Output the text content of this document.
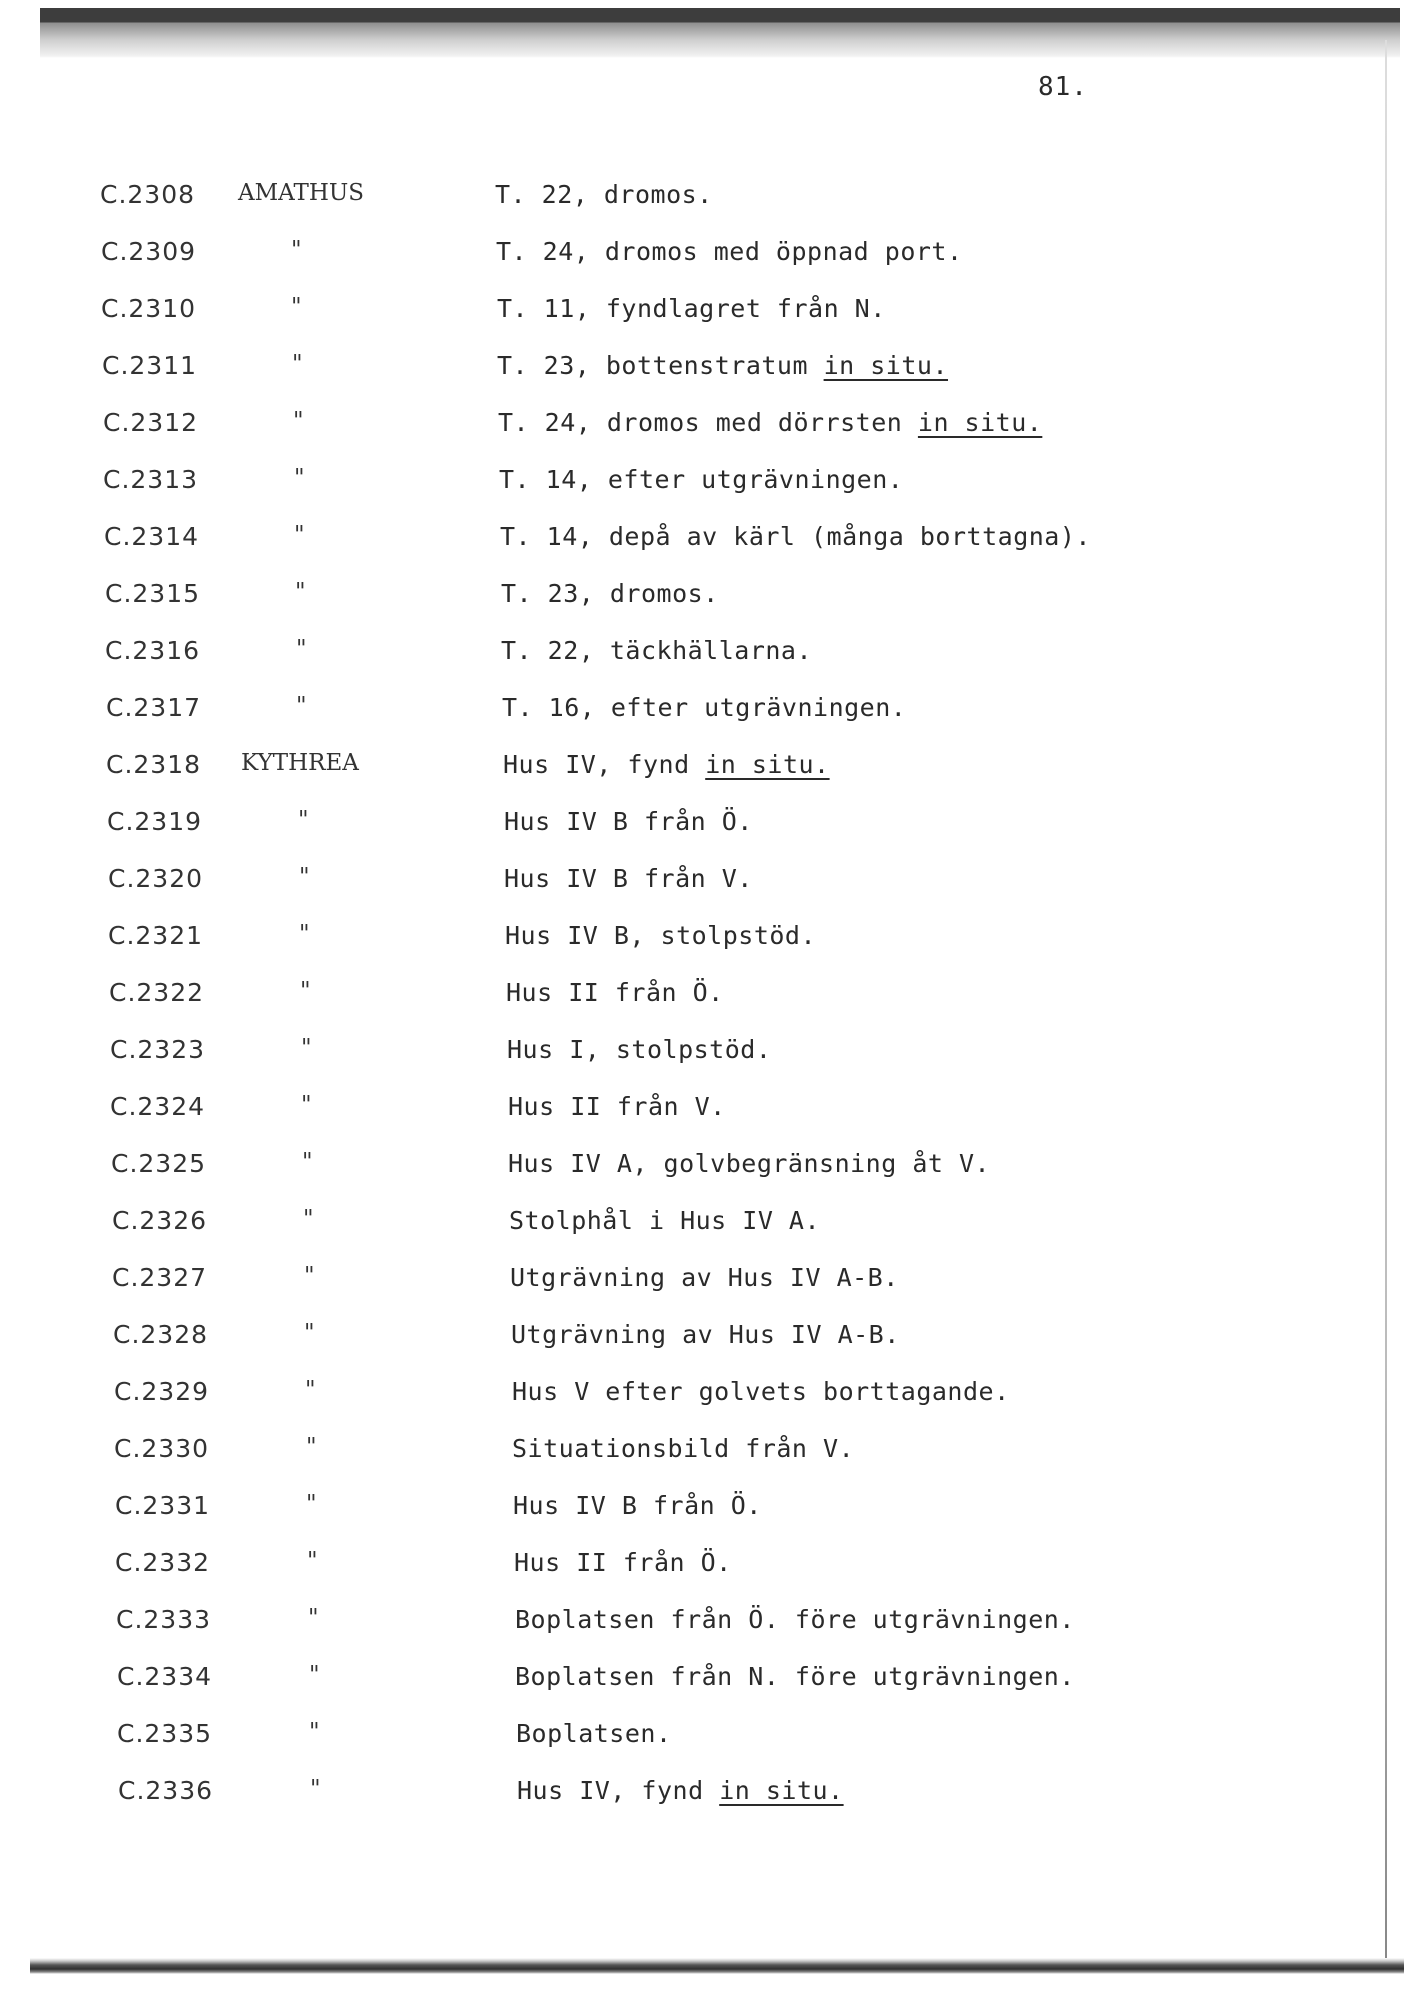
81.
C.2308 AMATHUS	T. 22, dromos.
C.2309	"	T. 24, dromos med öppnad port.
C.2310	"	T. 11, fyndlagret från N.
C.2311	"	T. 23, bottenstratum in situ.
C.2312	"	T. 24, dromos med dörrsten in situ.
C.2313	"	T. 14, efter utgrävningen.
C.2314	"	T. 14, depå av kärl (många borttagna).
C.2315	"	T. 23, dromos.
C.2316	"	T. 22, täckhällarna.
C.2317	"	T. 16, efter utgrävningen.
C.2318 KYTHREA	Hus IV, fynd in situ.
C.2319	"	Hus IV B från Ö.
C.2320	"	Hus IV B från V.
C.2321	"	Hus IV B, stolpstöd.
C.2322	"	Hus II från Ö.
C.2323	"	Hus I, stolpstöd.
C.2324	"	Hus II från V.
C.2325	"	Hus IV A, golvbegränsning åt V.
C.2326	"	Stolphål i Hus IV A.
C.2327	"	Utgrävning av Hus IV A-B.
C.2328	"	Utgrävning av Hus IV A-B.
C.2329	"	Hus V efter golvets borttagande.
C.2330	"	Situationsbild från V.
C.2331	"	Hus IV B från Ö.
C.2332	"	Hus II från Ö.
C.2333	"	Boplatsen från Ö. före utgrävningen.
C.2334	"	Boplatsen från N. före utgrävningen.
C.2335	"	Boplatsen.
C.2336	"	Hus IV, fynd in situ.
